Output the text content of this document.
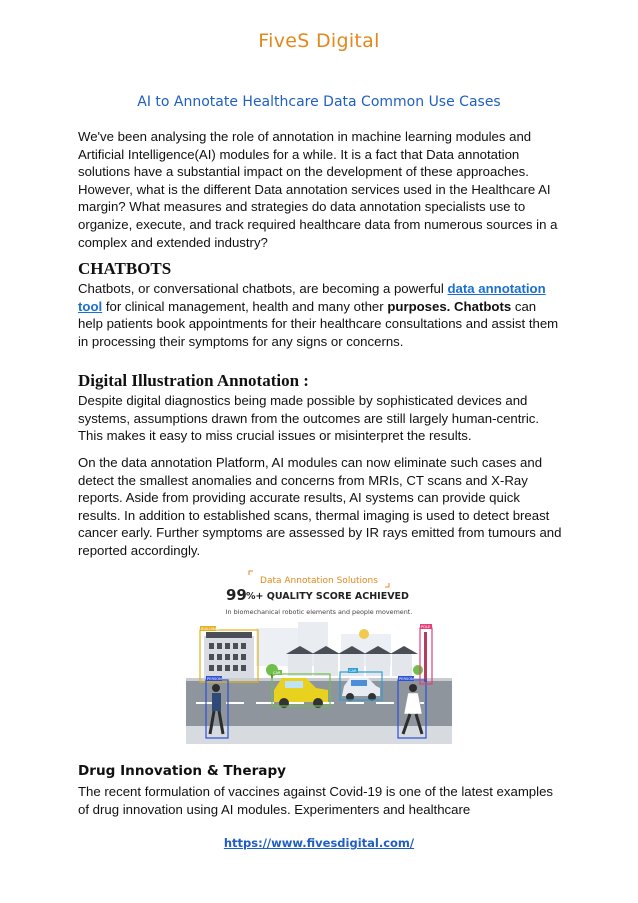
FiveS Digital
AI to Annotate Healthcare Data Common Use Cases

We've been analysing the role of annotation in machine learning modules and Artificial Intelligence(AI) modules for a while. It is a fact that Data annotation solutions have a substantial impact on the development of these approaches. However, what is the different Data annotation services used in the Healthcare AI margin? What measures and strategies do data annotation specialists use to organize, execute, and track required healthcare data from numerous sources in a complex and extended industry?

CHATBOTS

Chatbots, or conversational chatbots, are becoming a powerful data annotation tool for clinical management, health and many other purposes. Chatbots can help patients book appointments for their healthcare consultations and assist them in processing their symptoms for any signs or concerns.

Digital Illustration Annotation :

Despite digital diagnostics being made possible by sophisticated devices and systems, assumptions drawn from the outcomes are still largely human-centric. This makes it easy to miss crucial issues or misinterpret the results.

On the data annotation Platform, AI modules can now eliminate such cases and detect the smallest anomalies and concerns from MRIs, CT scans and X-Ray reports. Aside from providing accurate results, AI systems can provide quick results. In addition to established scans, thermal imaging is used to detect breast cancer early. Further symptoms are assessed by IR rays emitted from tumours and reported accordingly.

Data Annotation Solutions
99 %+ QUALITY SCORE ACHIEVED
In biomechanical robotic elements and people movement.
BUILDING
CAR	CAR
PERSON	PERSON
POLE
Drug Innovation & Therapy

The recent formulation of vaccines against Covid-19 is one of the latest examples of drug innovation using AI modules. Experimenters and healthcare

https://www.fivesdigital.com/
